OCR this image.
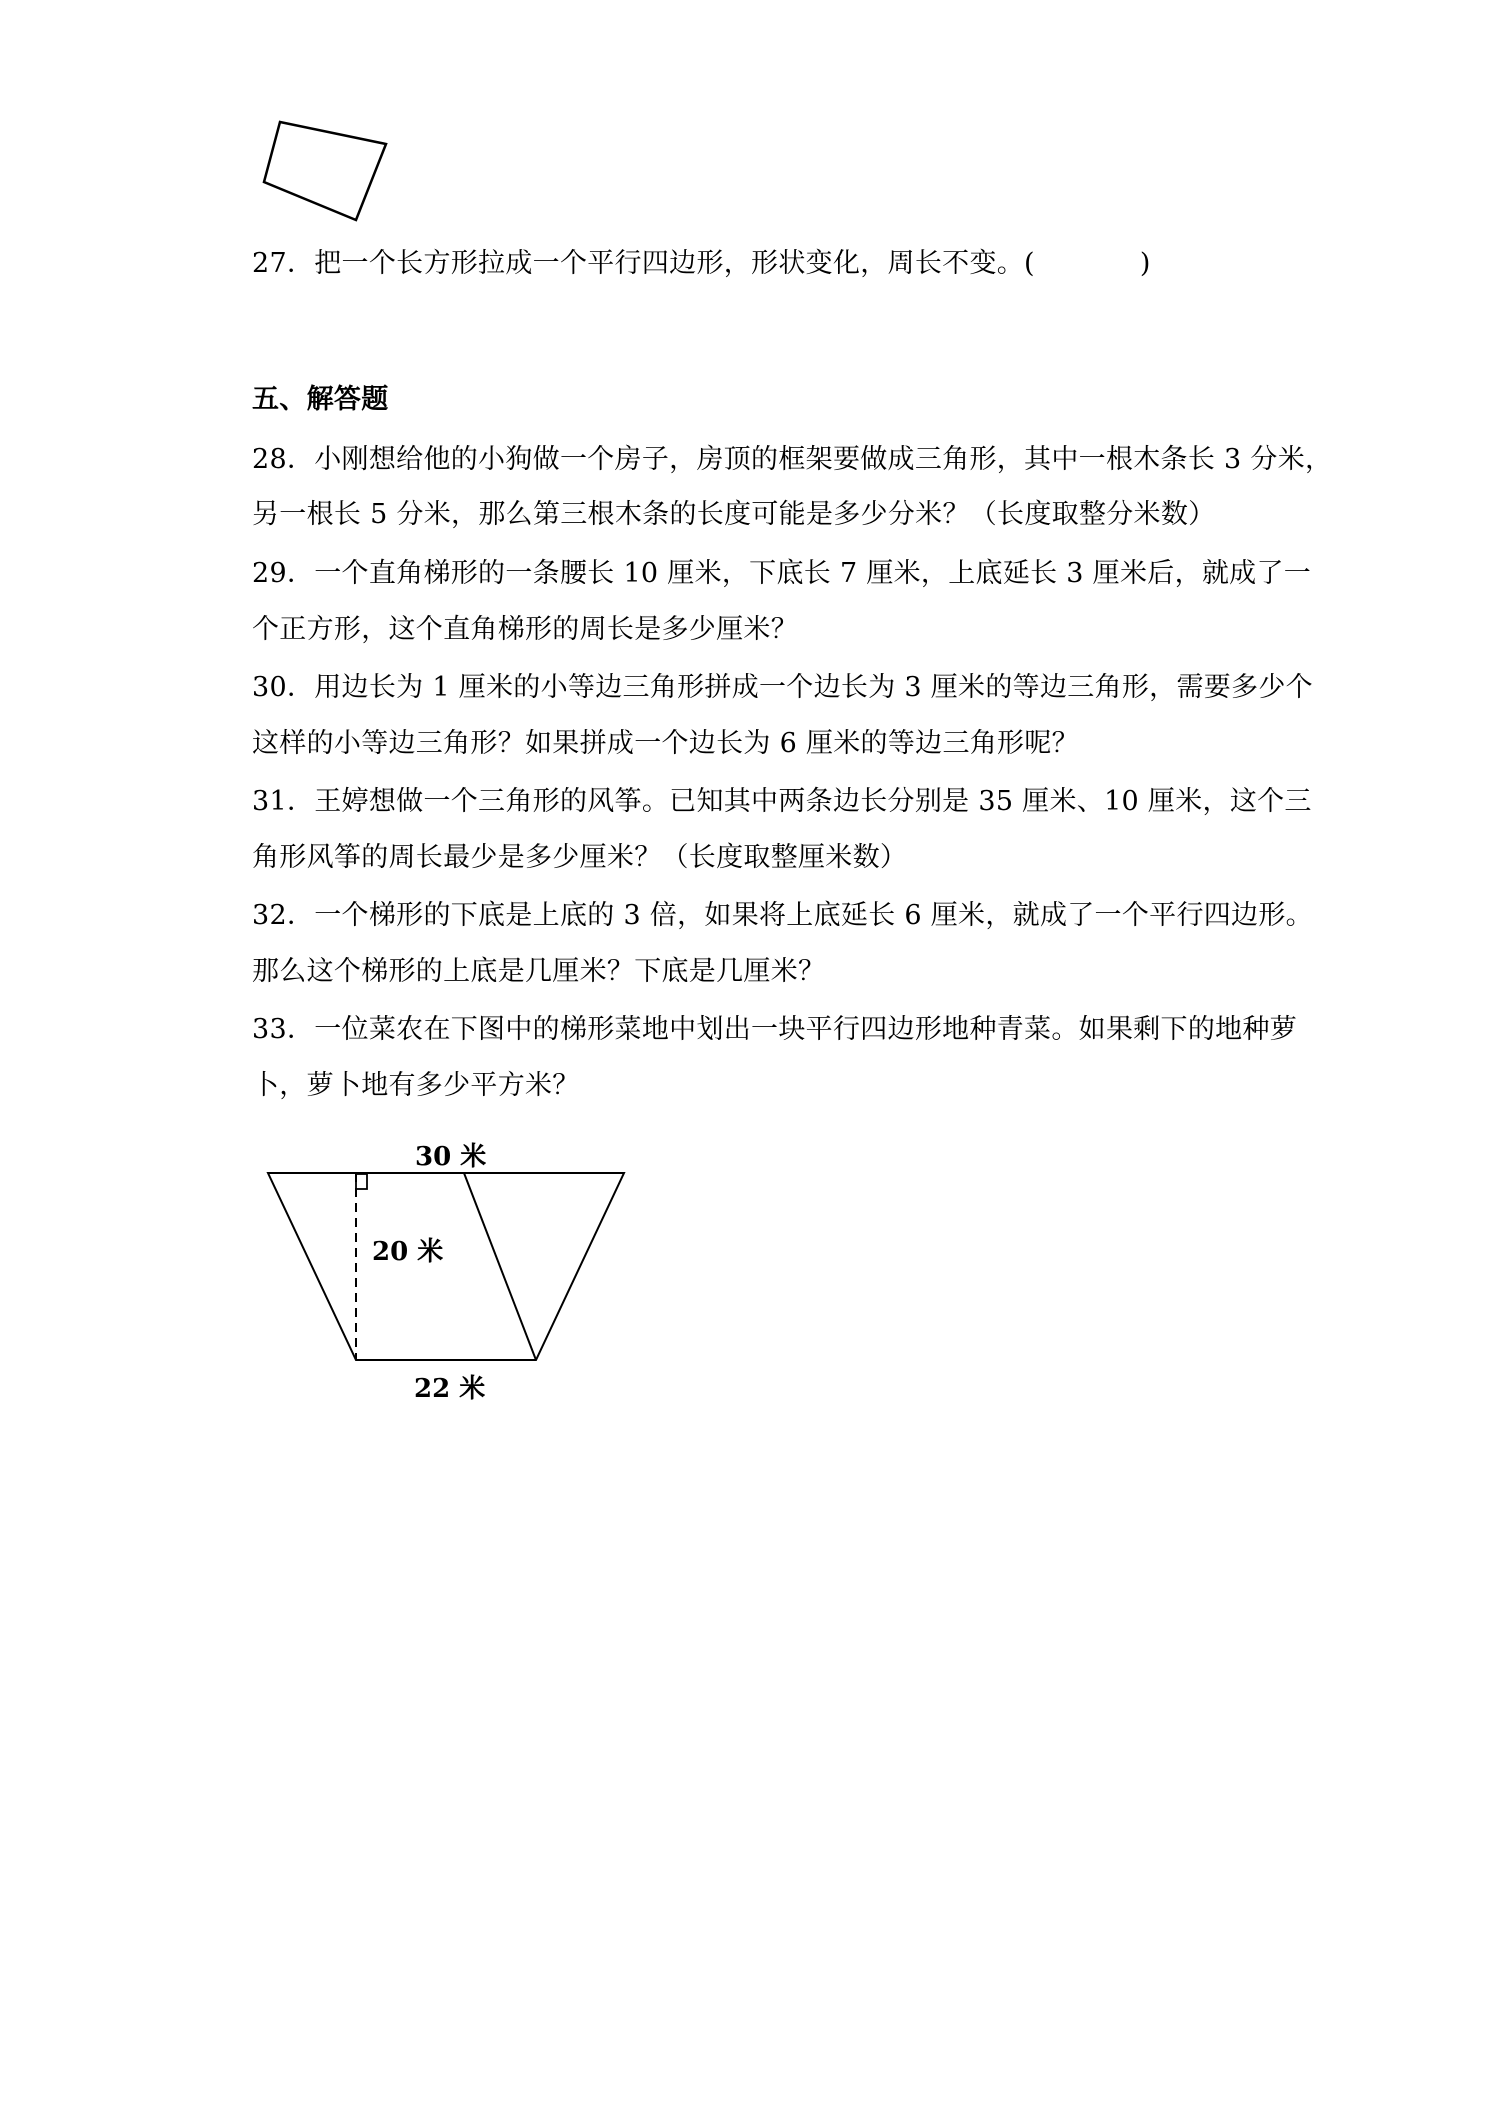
27．把一个长方形拉成一个平行四边形，形状变化，周长不变。(	)
五、解答题
28．小刚想给他的小狗做一个房子，房顶的框架要做成三角形，其中一根木条长 3 分米，
另一根长 5 分米，那么第三根木条的长度可能是多少分米？（长度取整分米数）
29．一个直角梯形的一条腰长 10 厘米，下底长 7 厘米，上底延长 3 厘米后，就成了一
个正方形，这个直角梯形的周长是多少厘米？
30．用边长为 1 厘米的小等边三角形拼成一个边长为 3 厘米的等边三角形，需要多少个
这样的小等边三角形？如果拼成一个边长为 6 厘米的等边三角形呢？
31．王婷想做一个三角形的风筝。已知其中两条边长分别是 35 厘米、10 厘米，这个三
角形风筝的周长最少是多少厘米？（长度取整厘米数）
32．一个梯形的下底是上底的 3 倍，如果将上底延长 6 厘米，就成了一个平行四边形。
那么这个梯形的上底是几厘米？下底是几厘米？
33．一位菜农在下图中的梯形菜地中划出一块平行四边形地种青菜。如果剩下的地种萝
卜，萝卜地有多少平方米？
30 米
20 米
22 米
